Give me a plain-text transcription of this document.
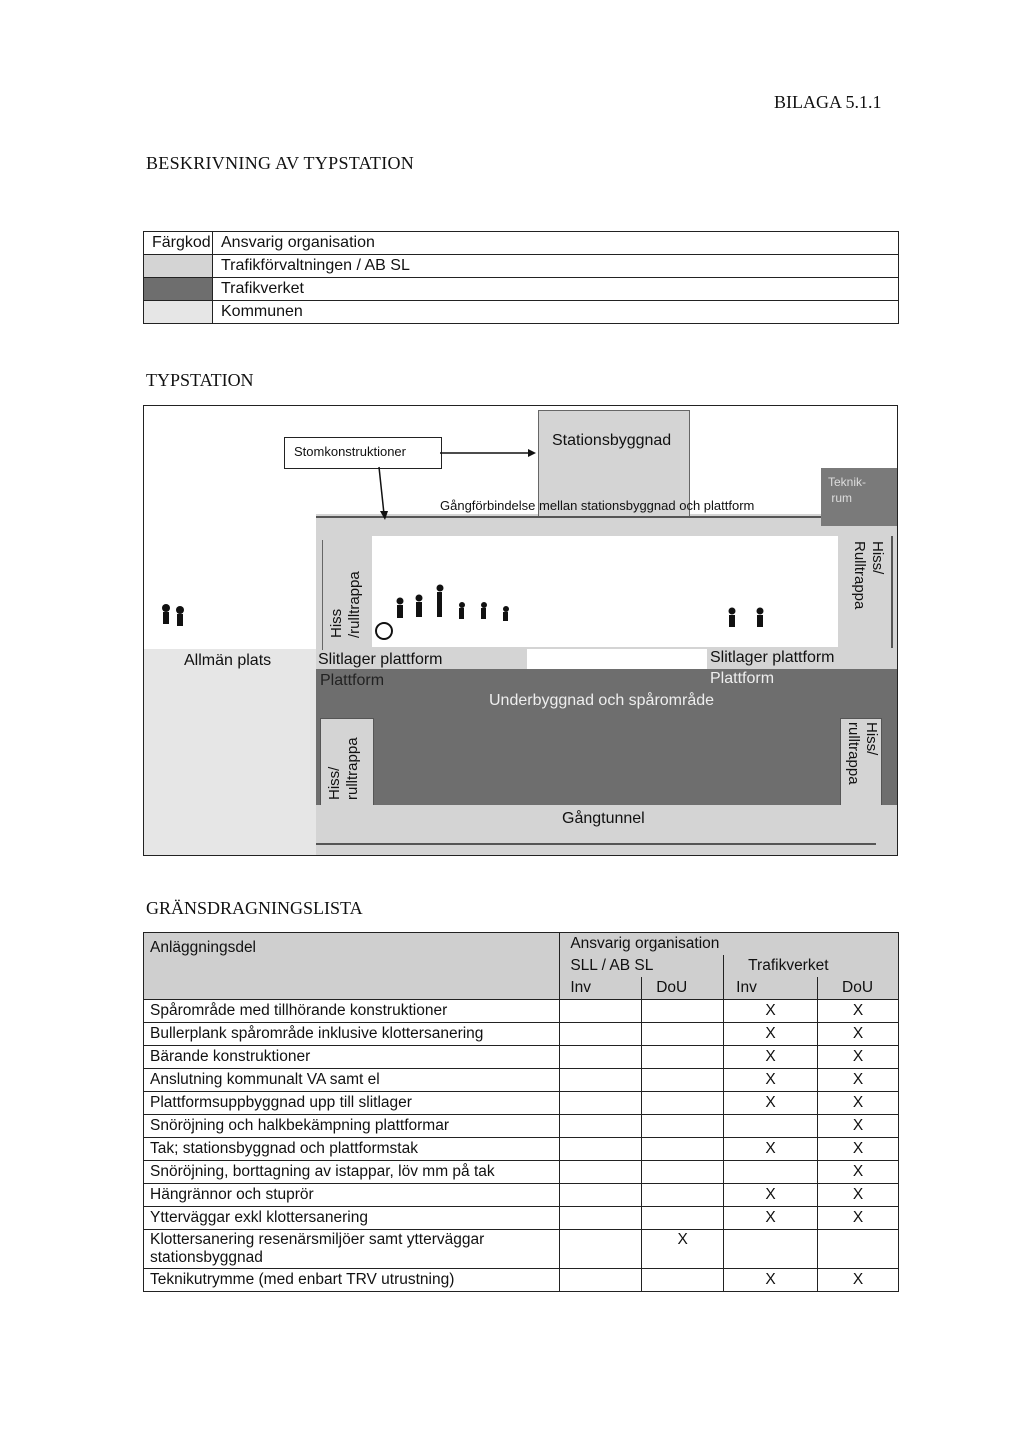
BILAGA 5.1.1
BESKRIVNING AV TYPSTATION
Färgkod	Ansvarig organisation
	Trafikförvaltningen / AB SL
	Trafikverket
	Kommunen
TYPSTATION
Stationsbyggnad
Teknik-
rum
Gångförbindelse mellan stationsbyggnad och plattform
Hiss
/rulltrappa
Hiss/
Rulltrappa
Allmän plats	Slitlager plattform	Slitlager plattform
Plattform	Plattform
Underbyggnad och spårområde
Hiss/
rulltrappa	Hiss/
rulltrappa
Gångtunnel
Stomkonstruktioner
GRÄNSDRAGNINGSLISTA
Anläggningsdel	Ansvarig organisation			
	SLL / AB SL		Trafikverket	
	Inv	DoU	Inv	DoU
Spårområde med tillhörande konstruktioner			X	X
Bullerplank spårområde inklusive klottersanering			X	X
Bärande konstruktioner			X	X
Anslutning kommunalt VA samt el			X	X
Plattformsuppbyggnad upp till slitlager			X	X
Snöröjning och halkbekämpning plattformar				X
Tak; stationsbyggnad och plattformstak			X	X
Snöröjning, borttagning av istappar, löv mm på tak				X
Hängrännor och stuprör			X	X
Ytterväggar exkl klottersanering			X	X
Klottersanering resenärsmiljöer samt ytterväggar stationsbyggnad		X		
Teknikutrymme (med enbart TRV utrustning)			X	X
